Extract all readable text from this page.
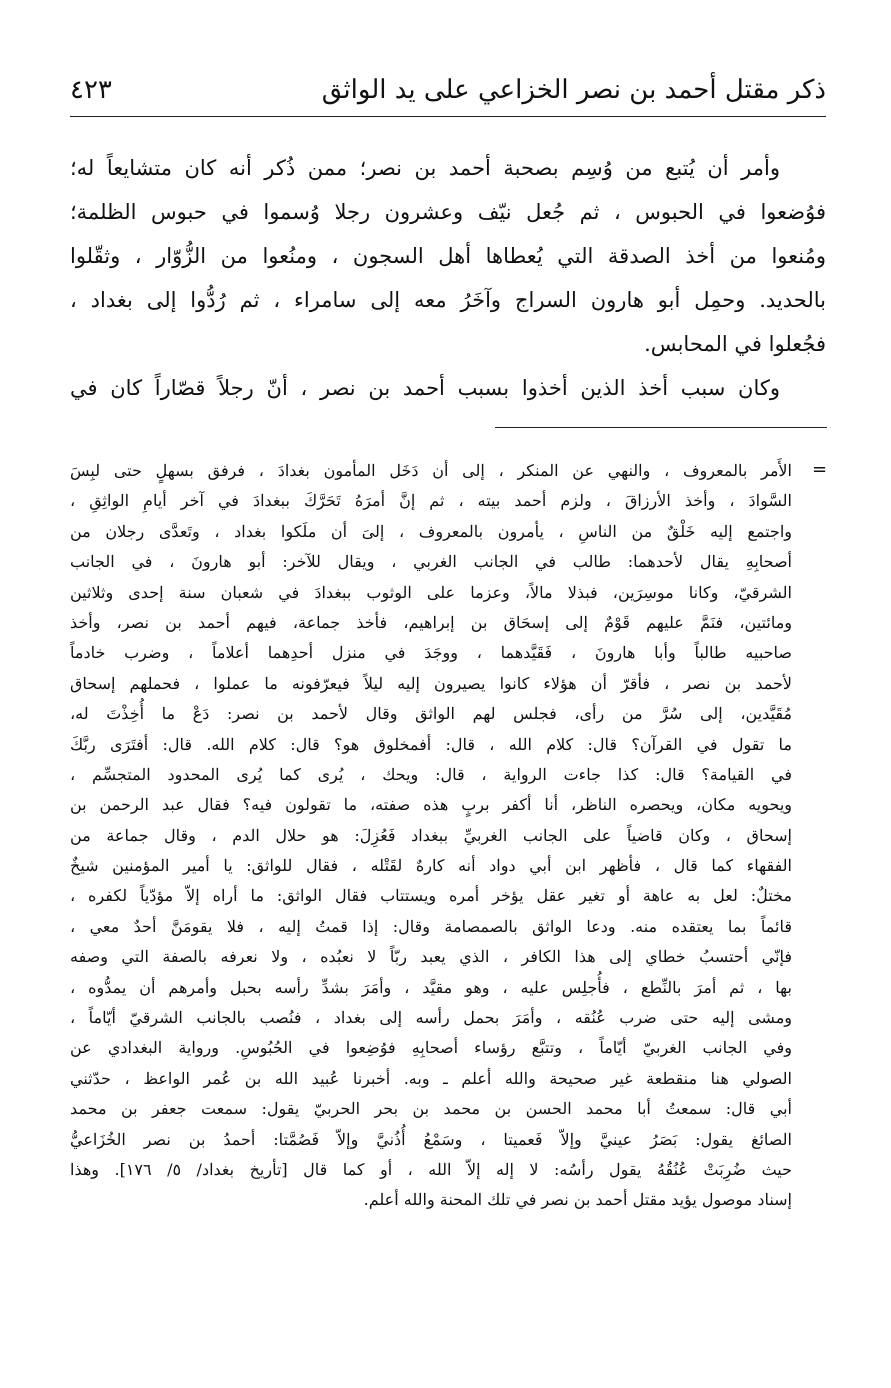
ذكر مقتل أحمد بن نصر الخزاعي على يد الواثق
٤٢٣
وأمر أن يُتبع من وُسِم بصحبة أحمد بن نصر؛ ممن ذُكر أنه كان متشايعاً له؛
فوُضعوا في الحبوس ، ثم جُعل نيّف وعشرون رجلا وُسموا في حبوس الظلمة؛
ومُنعوا من أخذ الصدقة التي يُعطاها أهل السجون ، ومنُعوا من الزُّوّار ، وثقّلوا
بالحديد. وحمِل أبو هارون السراج وآخَرُ معه إلى سامراء ، ثم رُدُّوا إلى بغداد ،
فجُعلوا في المحابس.
وكان سبب أخذ الذين أخذوا بسبب أحمد بن نصر ، أنّ رجلاً قصّاراً كان في
=
الأَمر بالمعروف ، والنهي عن المنكر ، إلى أن دَخَل المأمون بغدادَ ، فرفق بسهلٍ حتى لبِسَ
السَّوادَ ، وأخذ الأرزاقَ ، ولزم أحمد بيته ، ثم إنَّ أمرَهُ تَحَرَّكَ ببغدادَ في آخر أيامِ الواثِقِ ،
واجتمع إليه خَلْقٌ من الناسِ ، يأمرون بالمعروف ، إلىَ أن ملَكوا بغداد ، وتَعدَّى رجلان من
أصحابِهِ يقال لأحدهما: طالب في الجانب الغربي ، ويقال للآخر: أبو هارونَ ، في الجانب
الشرقيّ، وكانا موسِرَين، فبذلا مالاً، وعزما على الوثوب ببغدادَ في شعبان سنة إحدى وثلاثين
ومائتين، فنَمَّ عليهم قَوْمٌ إلى إسحَاق بن إبراهيم، فأخذ جماعة، فيهم أحمد بن نصر، وأخذ
صاحبيه طالباً وأبا هارونَ ، فَقَيَّدهما ، ووجَدَ في منزل أحدِهما أعلاماً ، وضرب خادماً
لأحمد بن نصر ، فأقرّ أن هؤلاء كانوا يصيرون إليه ليلاً فيعرّفونه ما عملوا ، فحملهم إسحاق
مُقَيَّدين، إلى سُرَّ من رأى، فجلس لهم الواثق وقال لأحمد بن نصر: دَعْ ما أُخِذْتَ له،
ما تقول في القرآن؟ قال: كلام الله ، قال: أفمخلوق هو؟ قال: كلام الله. قال: أفتَرَى ربَّكَ
في القيامة؟ قال: كذا جاءت الرواية ، قال: ويحك ، يُرى كما يُرى المحدود المتجسِّم ،
ويحويه مكان، ويحصره الناظر، أنا أكفر بربٍ هذه صفته، ما تقولون فيه؟ فقال عبد الرحمن بن
إسحاق ، وكان قاضياً على الجانب الغربيِّ ببغداد فَعُزِلَ: هو حلال الدم ، وقال جماعة من
الفقهاء كما قال ، فأظهر ابن أبي دواد أنه كارهٌ لقَتْله ، فقال للواثق: يا أمير المؤمنين شيخٌ
مختلٌ: لعل به عاهة أو تغير عقل يؤخر أمره ويستتاب فقال الواثق: ما أراه إلاّ مؤدّياً لكفره ،
قائماً بما يعتقده منه. ودعا الواثق بالصمصامة وقال: إذا قمتُ إليه ، فلا يقومَنَّ أحدٌ معي ،
فإنّي أحتسبُ خطاي إلى هذا الكافر ، الذي يعبد ربّاً لا نعبُده ، ولا نعرفه بالصفة التي وصفه
بها ، ثم أمرَ بالنِّطع ، فأُجلِس عليه ، وهو مقيَّد ، وأمَرَ بشدِّ رأسه بحبل وأمرهم أن يمدُّوه ،
ومشى إليه حتى ضرب عُنُقه ، وأمَرَ بحمل رأسه إلى بغداد ، فنُصب بالجانب الشرقيّ أيّاماً ،
وفي الجانب الغربيّ أيّاماً ، وتتبَّع رؤساء أصحابِهِ فوُضِعوا في الحُبُوسِ. ورواية البغدادي عن
الصولي هنا منقطعة غير صحيحة والله أعلم ـ وبه. أخبرنا عُبيد الله بن عُمر الواعظ ، حدّثني
أبي قال: سمعتُ أبا محمد الحسن بن محمد بن بحر الحربيّ يقول: سمعت جعفر بن محمد
الصائغ يقول: بَصَرُ عينيَّ وإلاّ فَعميتا ، وسَمْعُ أُذُنيَّ وإلاّ فَصُمَّتا: أحمدُ بن نصر الخُزَاعيُّ
حيث ضُرِبَتْ عُنُقُهُ يقول رأسُه: لا إله إلاّ الله ، أو كما قال [تأريخ بغداد/ ٥/ ١٧٦]. وهذا
إسناد موصول يؤيد مقتل أحمد بن نصر في تلك المحنة والله أعلم.
